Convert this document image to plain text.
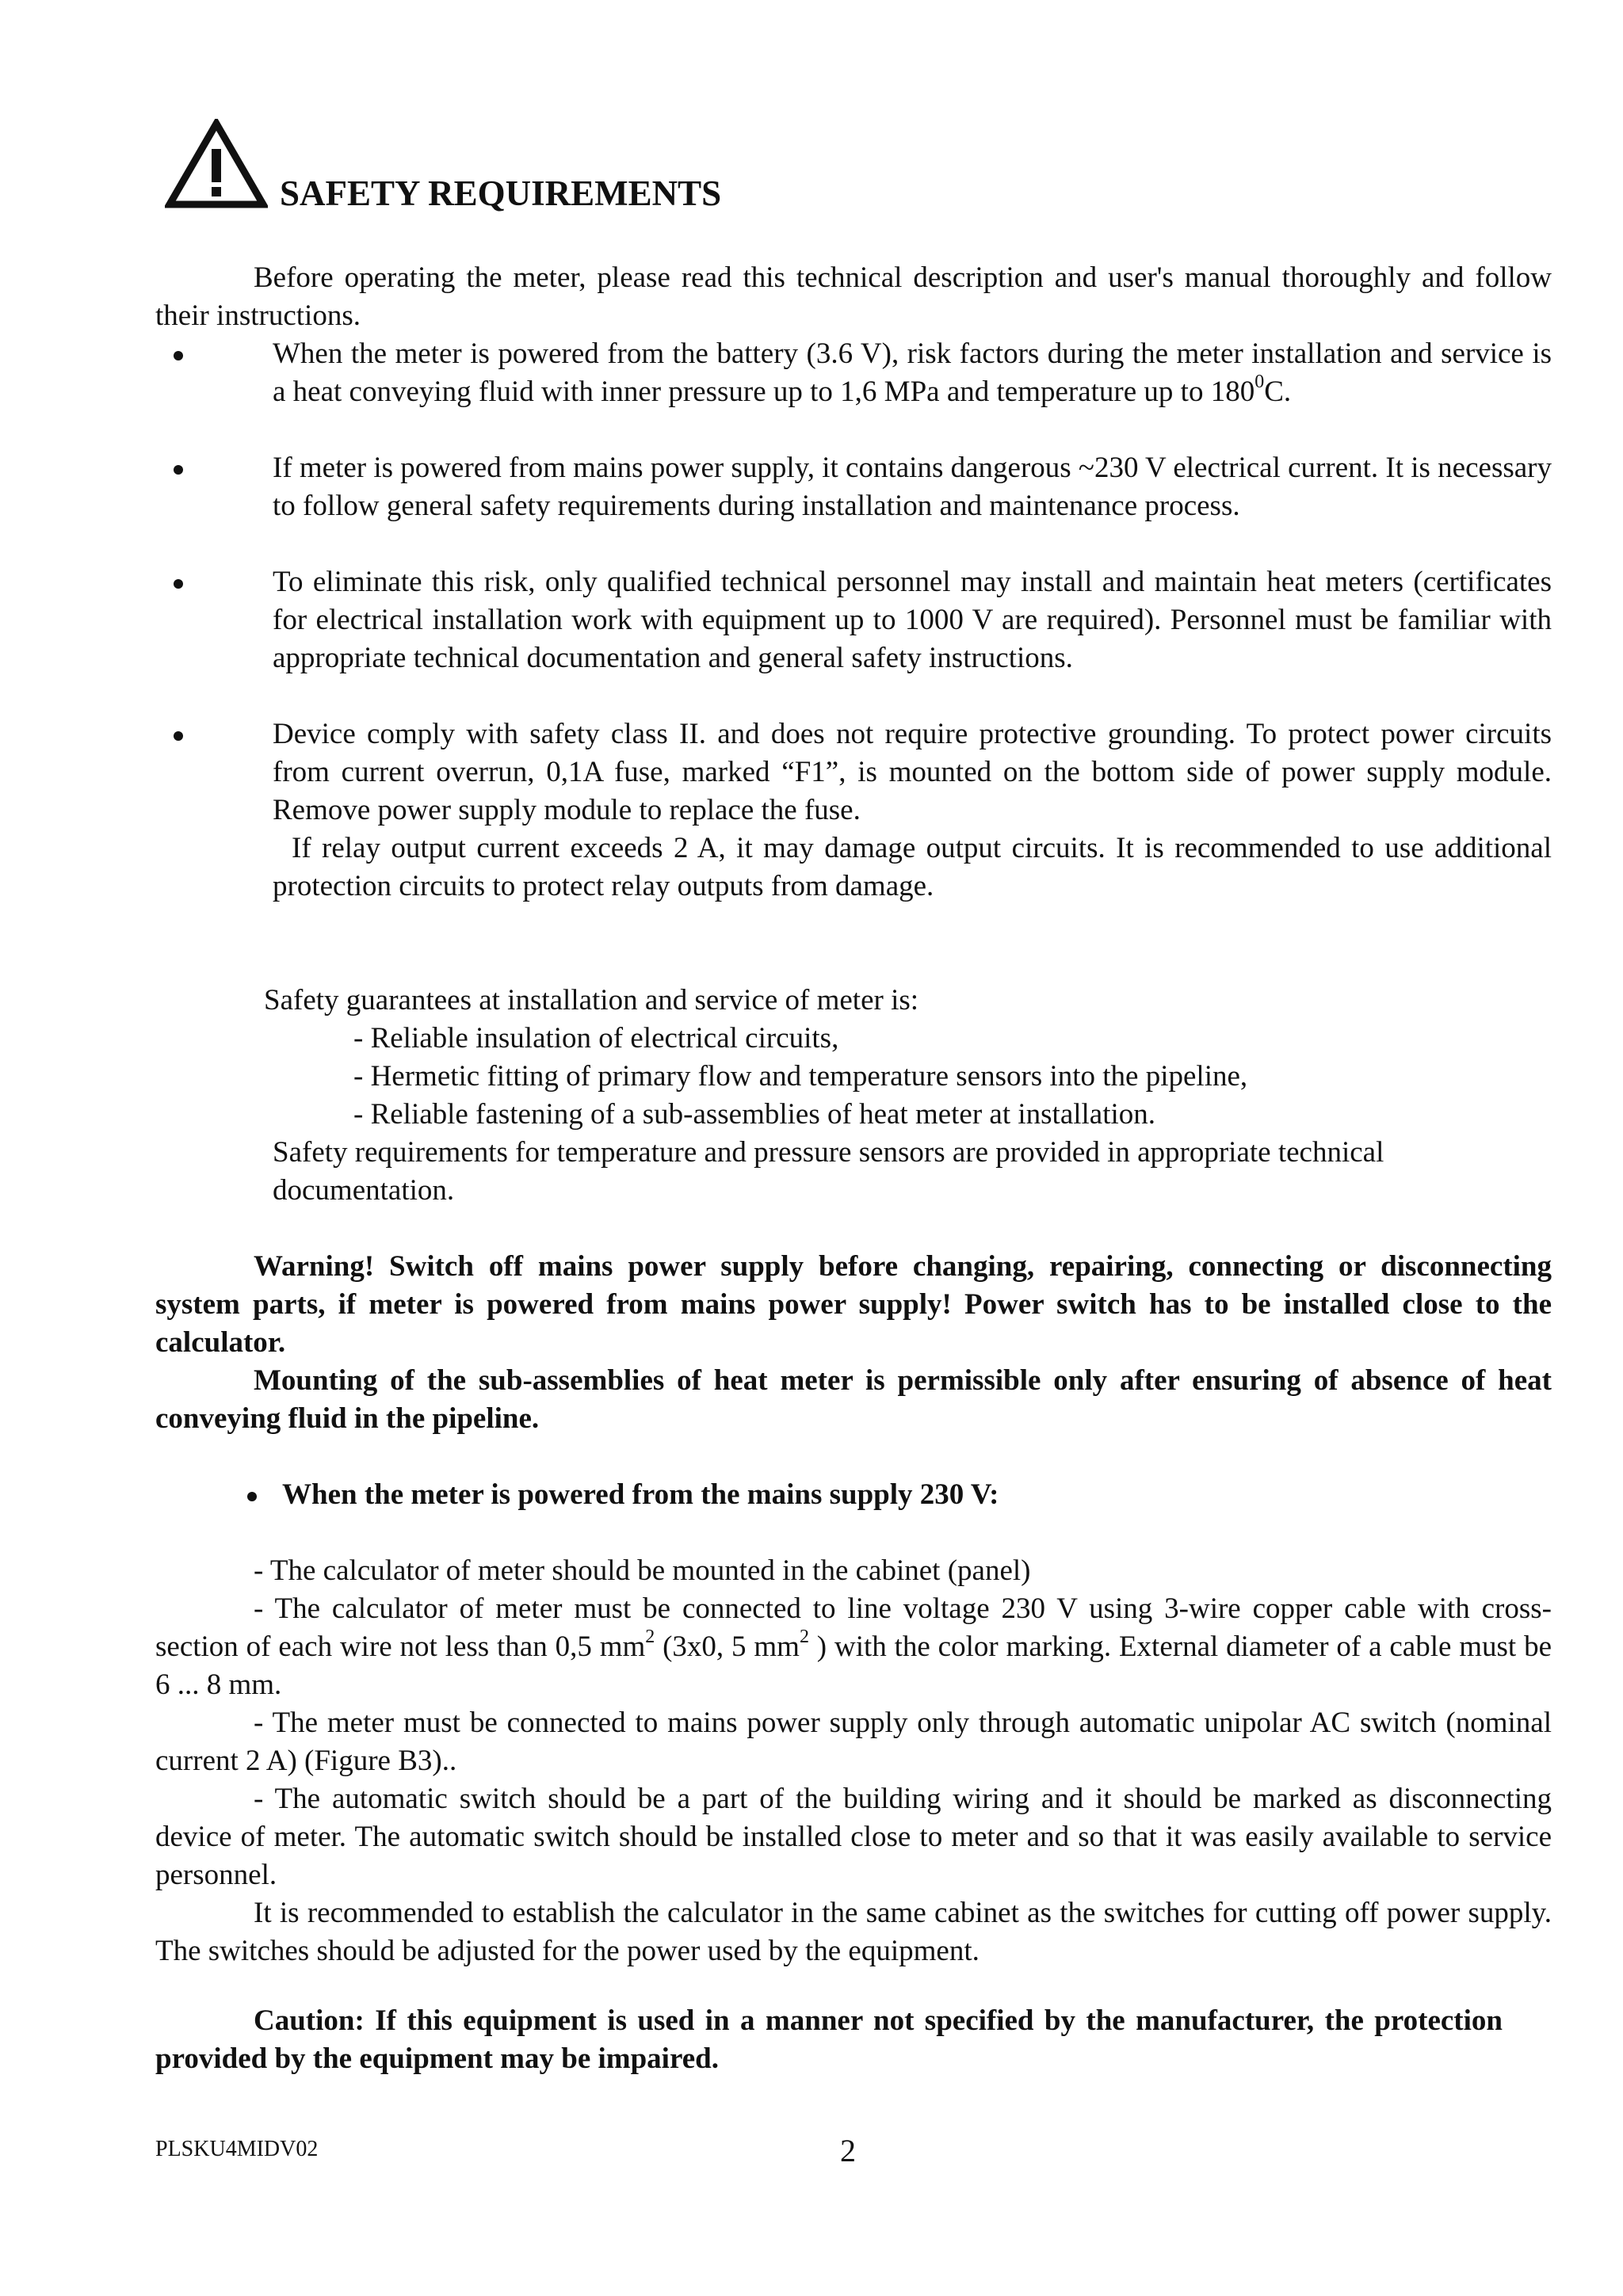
SAFETY REQUIREMENTS

Before operating the meter, please read this technical description and user's manual thoroughly and follow their instructions.

When the meter is powered from the battery (3.6 V), risk factors during the meter installation and service is a heat conveying fluid with inner pressure up to 1,6 MPa and temperature up to $180^0C$.
If meter is powered from mains power supply, it contains dangerous ~230 V electrical current. It is necessary to follow general safety requirements during installation and maintenance process.
To eliminate this risk, only qualified technical personnel may install and maintain heat meters (certificates for electrical installation work with equipment up to 1000 V are required). Personnel must be familiar with appropriate technical documentation and general safety instructions.
Device comply with safety class II. and does not require protective grounding. To protect power circuits from current overrun, 0,1A fuse, marked “F1”, is mounted on the bottom side of power supply module. Remove power supply module to replace the fuse.

If relay output current exceeds 2 A, it may damage output circuits. It is recommended to use additional protection circuits to protect relay outputs from damage.

Safety guarantees at installation and service of meter is:

- Reliable insulation of electrical circuits,

- Hermetic fitting of primary flow and temperature sensors into the pipeline,

- Reliable fastening of a sub-assemblies of heat meter at installation.

Safety requirements for temperature and pressure sensors are provided in appropriate technical documentation.

Warning! Switch off mains power supply before changing, repairing, connecting or disconnecting system parts, if meter is powered from mains power supply! Power switch has to be installed close to the calculator.

Mounting of the sub-assemblies of heat meter is permissible only after ensuring of absence of heat conveying fluid in the pipeline.

When the meter is powered from the mains supply 230 V:

- The calculator of meter should be mounted in the cabinet (panel)

- The calculator of meter must be connected to line voltage 230 V using 3-wire copper cable with cross-section of each wire not less than 0,5 $mm^2$ (3x0, 5 $mm^2$ ) with the color marking. External diameter of a cable must be 6 ... 8 mm.

- The meter must be connected to mains power supply only through automatic unipolar AC switch (nominal current 2 A) (Figure B3)..

- The automatic switch should be a part of the building wiring and it should be marked as disconnecting device of meter. The automatic switch should be installed close to meter and so that it was easily available to service personnel.

It is recommended to establish the calculator in the same cabinet as the switches for cutting off power supply. The switches should be adjusted for the power used by the equipment.

Caution: If this equipment is used in a manner not specified by the manufacturer, the protection provided by the equipment may be impaired.

PLSKU4MIDV02	2
